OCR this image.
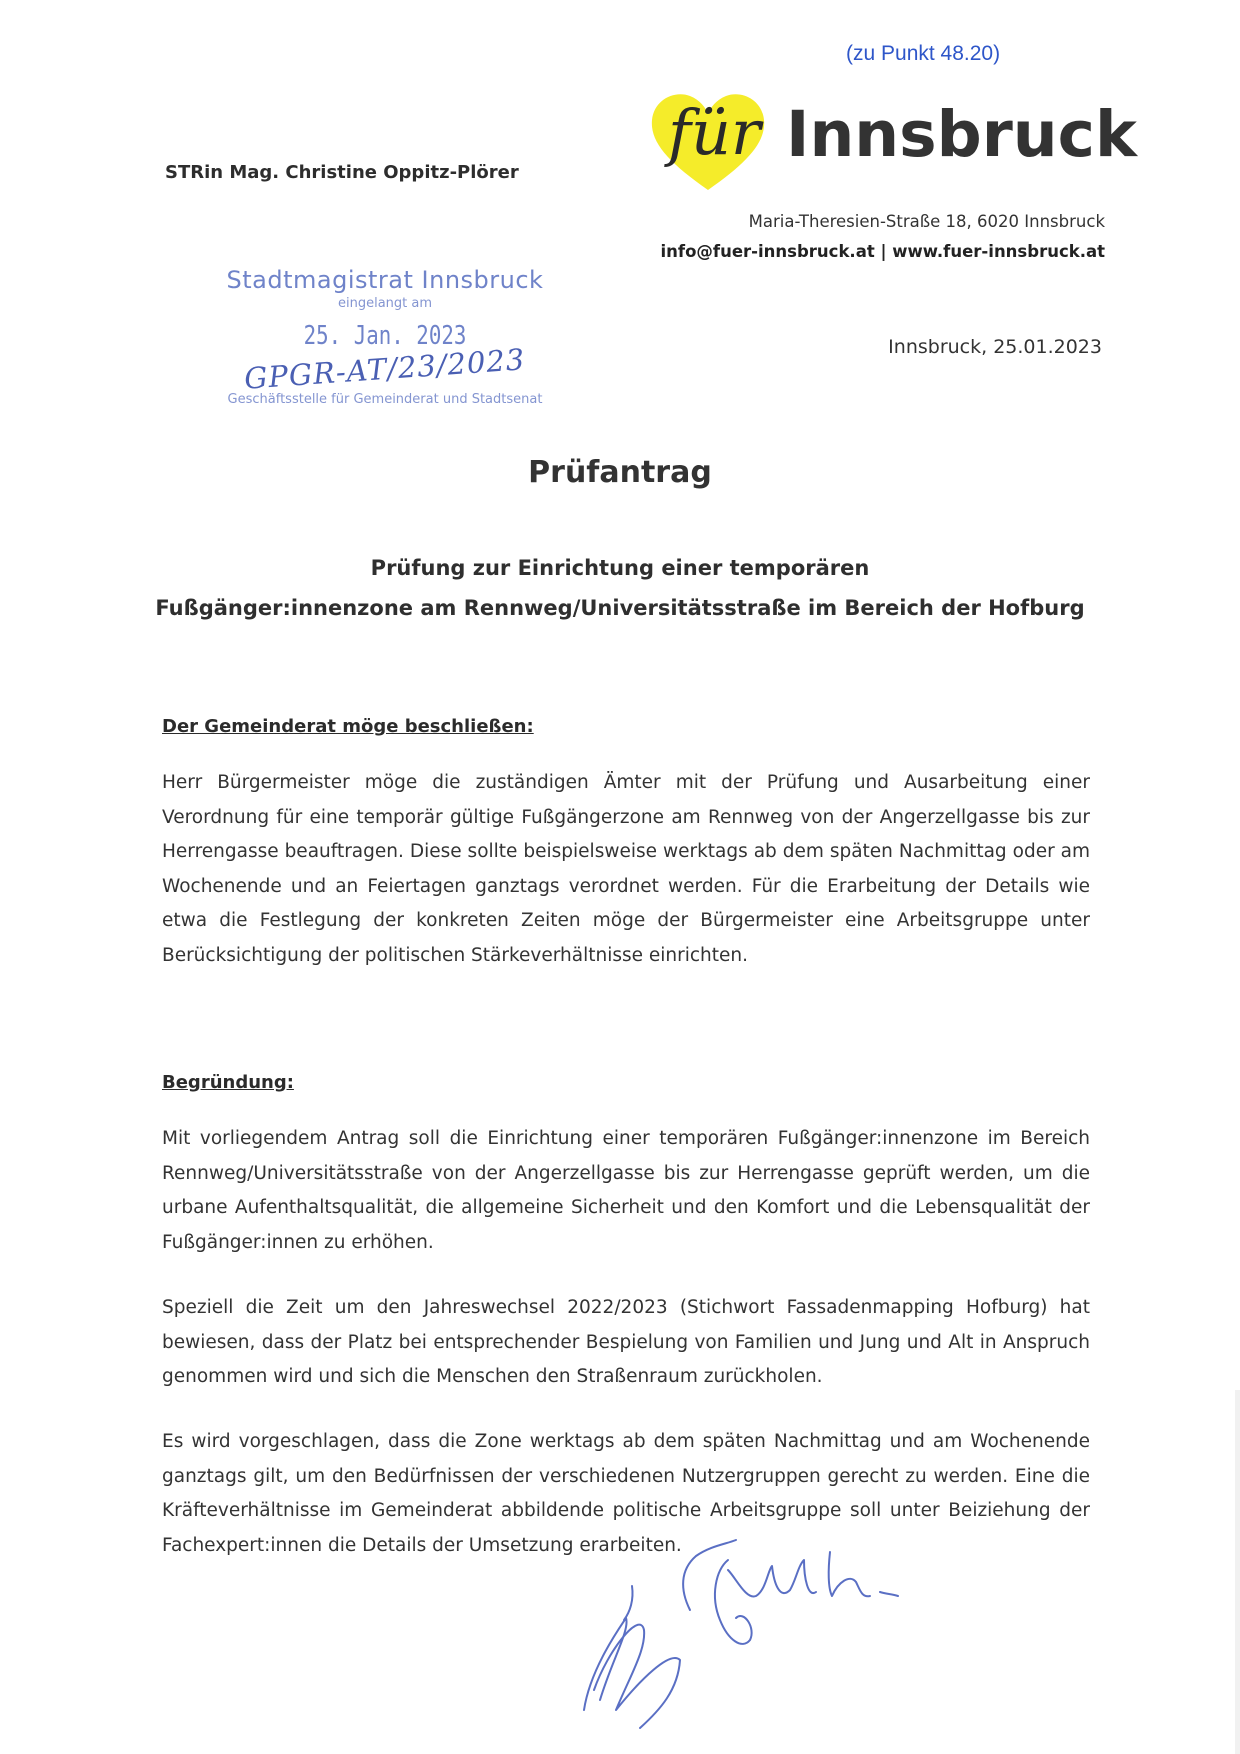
(zu Punkt 48.20)
für Innsbruck
STRin Mag. Christine Oppitz-Plörer
Maria-Theresien-Straße 18, 6020 Innsbruck
info@fuer-innsbruck.at | www.fuer-innsbruck.at
Stadtmagistrat Innsbruck
eingelangt am
25. Jan. 2023
GPGR-AT/23/2023
Geschäftsstelle für Gemeinderat und Stadtsenat
Innsbruck, 25.01.2023
Prüfantrag
Prüfung zur Einrichtung einer temporären
Fußgänger:innenzone am Rennweg/Universitätsstraße im Bereich der Hofburg
Der Gemeinderat möge beschließen:
Herr Bürgermeister möge die zuständigen Ämter mit der Prüfung und Ausarbeitung einer Verordnung für eine temporär gültige Fußgängerzone am Rennweg von der Angerzellgasse bis zur Herrengasse beauftragen. Diese sollte beispielsweise werktags ab dem späten Nachmittag oder am Wochenende und an Feiertagen ganztags verordnet werden. Für die Erarbeitung der Details wie etwa die Festlegung der konkreten Zeiten möge der Bürgermeister eine Arbeitsgruppe unter Berücksichtigung der politischen Stärkeverhältnisse einrichten.
Begründung:
Mit vorliegendem Antrag soll die Einrichtung einer temporären Fußgänger:innenzone im Bereich Rennweg/Universitätsstraße von der Angerzellgasse bis zur Herrengasse geprüft werden, um die urbane Aufenthaltsqualität, die allgemeine Sicherheit und den Komfort und die Lebensqualität der Fußgänger:innen zu erhöhen.
Speziell die Zeit um den Jahreswechsel 2022/2023 (Stichwort Fassadenmapping Hofburg) hat bewiesen, dass der Platz bei entsprechender Bespielung von Familien und Jung und Alt in Anspruch genommen wird und sich die Menschen den Straßenraum zurückholen.
Es wird vorgeschlagen, dass die Zone werktags ab dem späten Nachmittag und am Wochenende ganztags gilt, um den Bedürfnissen der verschiedenen Nutzergruppen gerecht zu werden. Eine die Kräfteverhältnisse im Gemeinderat abbildende politische Arbeitsgruppe soll unter Beiziehung der Fachexpert:innen die Details der Umsetzung erarbeiten.
